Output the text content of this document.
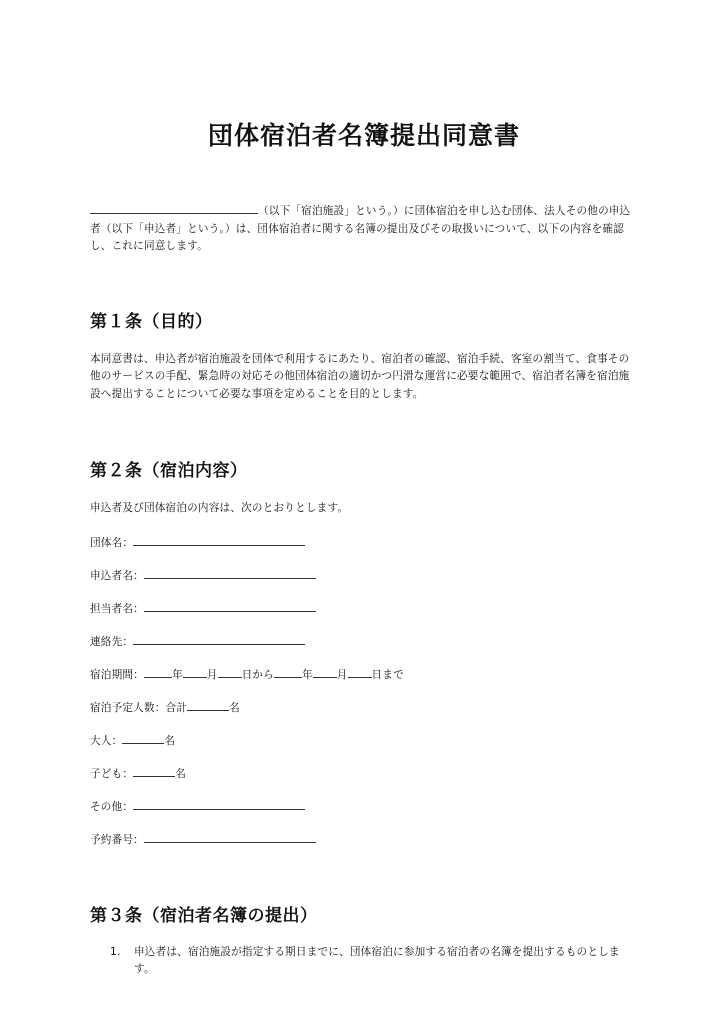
団体宿泊者名簿提出同意書

（以下「宿泊施設」という。）に団体宿泊を申し込む団体、法人その他の申込者（以下「申込者」という。）は、団体宿泊者に関する名簿の提出及びその取扱いについて、以下の内容を確認し、これに同意します。

第１条（目的）

本同意書は、申込者が宿泊施設を団体で利用するにあたり、宿泊者の確認、宿泊手続、客室の割当て、食事その他のサービスの手配、緊急時の対応その他団体宿泊の適切かつ円滑な運営に必要な範囲で、宿泊者名簿を宿泊施設へ提出することについて必要な事項を定めることを目的とします。

第２条（宿泊内容）

申込者及び団体宿泊の内容は、次のとおりとします。

団体名：
申込者名：
担当者名：
連絡先：
宿泊期間：	年 月 日から	年 月 日まで
宿泊予定人数：合計	名
大人：	名
子ども：	名
その他：
予約番号：
第３条（宿泊者名簿の提出）
1.	申込者は、宿泊施設が指定する期日までに、団体宿泊に参加する宿泊者の名簿を提出するものとします。
